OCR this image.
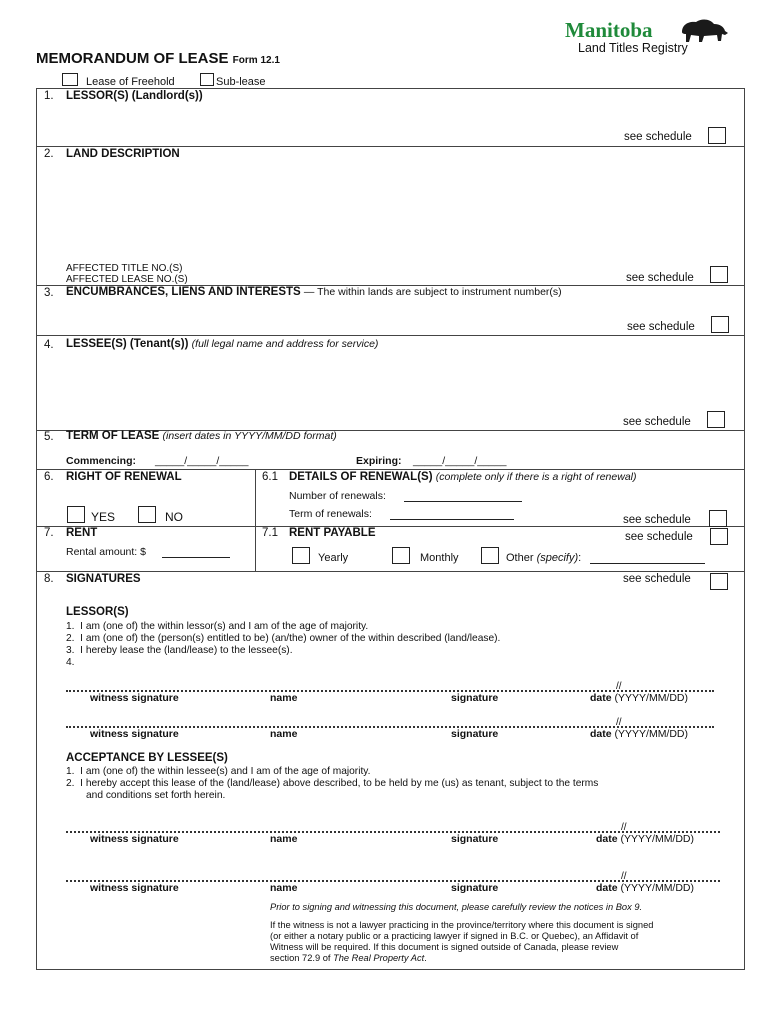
MEMORANDUM OF LEASE Form 12.1
Manitoba
Land Titles Registry
Lease of Freehold	Sub-lease
1. LESSOR(S) (Landlord(s))
see schedule
2. LAND DESCRIPTION
AFFECTED TITLE NO.(S)
AFFECTED LEASE NO.(S)	see schedule
3. ENCUMBRANCES, LIENS AND INTERESTS — The within lands are subject to instrument number(s)
see schedule
4. LESSEE(S) (Tenant(s)) (full legal name and address for service)
see schedule
5. TERM OF LEASE (insert dates in YYYY/MM/DD format)
Commencing: _____/_____/_____	Expiring: _____/_____/_____
6. RIGHT OF RENEWAL
YES	NO
6.1 DETAILS OF RENEWAL(S) (complete only if there is a right of renewal)
Number of renewals:
Term of renewals:	see schedule
7. RENT
Rental amount: $
7.1 RENT PAYABLE	see schedule
Yearly	Monthly	Other (specify):
8. SIGNATURES	see schedule
LESSOR(S)
1. I am (one of) the within lessor(s) and I am of the age of majority.
2. I am (one of) the (person(s) entitled to be) (an/the) owner of the within described (land/lease).
3. I hereby lease the (land/lease) to the lessee(s).
4.
//
witness signature	name	signature	date (YYYY/MM/DD)
//
witness signature	name	signature	date (YYYY/MM/DD)
ACCEPTANCE BY LESSEE(S)
1. I am (one of) the within lessee(s) and I am of the age of majority.
2. I hereby accept this lease of the (land/lease) above described, to be held by me (us) as tenant, subject to the terms
and conditions set forth herein.
//
witness signature	name	signature	date (YYYY/MM/DD)
//
witness signature	name	signature	date (YYYY/MM/DD)
Prior to signing and witnessing this document, please carefully review the notices in Box 9.
If the witness is not a lawyer practicing in the province/territory where this document is signed
(or either a notary public or a practicing lawyer if signed in B.C. or Quebec), an Affidavit of
Witness will be required. If this document is signed outside of Canada, please review
section 72.9 of The Real Property Act.
